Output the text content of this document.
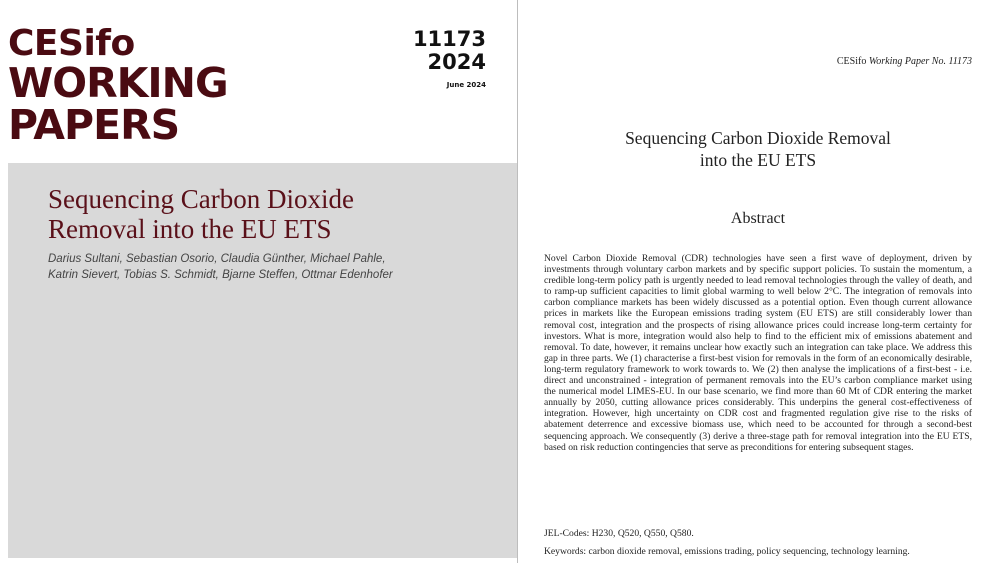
CESifo
WORKING
PAPERS
11173
2024
June 2024
Sequencing Carbon Dioxide
Removal into the EU ETS
Darius Sultani, Sebastian Osorio, Claudia Günther, Michael Pahle,
Katrin Sievert, Tobias S. Schmidt, Bjarne Steffen, Ottmar Edenhofer
CESifo Working Paper No. 11173
Sequencing Carbon Dioxide Removal
into the EU ETS
Abstract

Novel Carbon Dioxide Removal (CDR) technologies have seen a first wave of deployment, driven by investments through voluntary carbon markets and by specific support policies. To sustain the momentum, a credible long-term policy path is urgently needed to lead removal technologies through the valley of death, and to ramp-up sufficient capacities to limit global warming to well below 2°C. The integration of removals into carbon compliance markets has been widely discussed as a potential option. Even though current allowance prices in markets like the European emissions trading system (EU ETS) are still considerably lower than removal cost, integration and the prospects of rising allowance prices could increase long-term certainty for investors. What is more, integration would also help to find to the efficient mix of emissions abatement and removal. To date, however, it remains unclear how exactly such an integration can take place. We address this gap in three parts. We (1) characterise a first-best vision for removals in the form of an economically desirable, long-term regulatory framework to work towards to. We (2) then analyse the implications of a first-best - i.e. direct and unconstrained - integration of permanent removals into the EU’s carbon compliance market using the numerical model LIMES-EU. In our base scenario, we find more than 60 Mt of CDR entering the market annually by 2050, cutting allowance prices considerably. This underpins the general cost-effectiveness of integration. However, high uncertainty on CDR cost and fragmented regulation give rise to the risks of abatement deterrence and excessive biomass use, which need to be accounted for through a second-best sequencing approach. We consequently (3) derive a three-stage path for removal integration into the EU ETS, based on risk reduction contingencies that serve as preconditions for entering subsequent stages.

JEL-Codes: H230, Q520, Q550, Q580.
Keywords: carbon dioxide removal, emissions trading, policy sequencing, technology learning.
